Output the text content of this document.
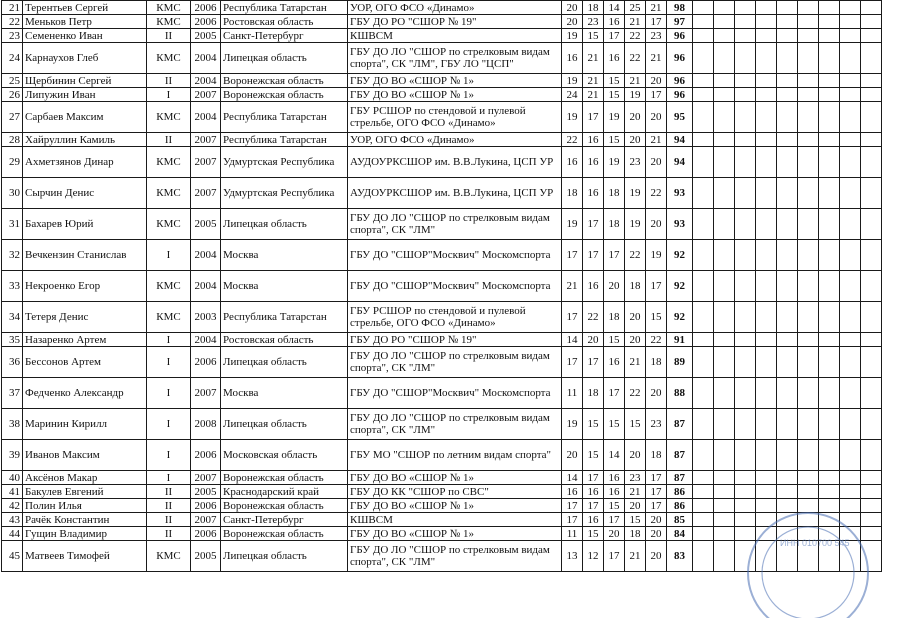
21	Терентьев Сергей	КМС	2006	Республика Татарстан	УОР, ОГО ФСО «Динамо»	20	18	14	25	21	98									
22	Меньков Петр	КМС	2006	Ростовская область	ГБУ ДО РО "СШОР № 19"	20	23	16	21	17	97									
23	Семененко Иван	II	2005	Санкт-Петербург	КШВСМ	19	15	17	22	23	96									
24	Карнаухов Глеб	КМС	2004	Липецкая область	ГБУ ДО ЛО "СШОР по стрелковым видам спорта", СК "ЛМ", ГБУ ЛО "ЦСП"	16	21	16	22	21	96									
25	Щербинин Сергей	II	2004	Воронежская область	ГБУ ДО ВО «СШОР № 1»	19	21	15	21	20	96									
26	Липужин Иван	I	2007	Воронежская область	ГБУ ДО ВО «СШОР № 1»	24	21	15	19	17	96									
27	Сарбаев Максим	КМС	2004	Республика Татарстан	ГБУ РСШОР по стендовой и пулевой стрельбе, ОГО ФСО «Динамо»	19	17	19	20	20	95									
28	Хайруллин Камиль	II	2007	Республика Татарстан	УОР, ОГО ФСО «Динамо»	22	16	15	20	21	94									
29	Ахметзянов Динар	КМС	2007	Удмуртская Республика	АУДОУРКСШОР им. В.В.Лукина, ЦСП УР	16	16	19	23	20	94									
30	Сырчин Денис	КМС	2007	Удмуртская Республика	АУДОУРКСШОР им. В.В.Лукина, ЦСП УР	18	16	18	19	22	93									
31	Бахарев Юрий	КМС	2005	Липецкая область	ГБУ ДО ЛО "СШОР по стрелковым видам спорта", СК "ЛМ"	19	17	18	19	20	93									
32	Вечкензин Станислав	I	2004	Москва	ГБУ ДО "СШОР"Москвич" Москомспорта	17	17	17	22	19	92									
33	Некроенко Егор	КМС	2004	Москва	ГБУ ДО "СШОР"Москвич" Москомспорта	21	16	20	18	17	92									
34	Тетеря Денис	КМС	2003	Республика Татарстан	ГБУ РСШОР по стендовой и пулевой стрельбе, ОГО ФСО «Динамо»	17	22	18	20	15	92									
35	Назаренко Артем	I	2004	Ростовская область	ГБУ ДО РО "СШОР № 19"	14	20	15	20	22	91									
36	Бессонов Артем	I	2006	Липецкая область	ГБУ ДО ЛО "СШОР по стрелковым видам спорта", СК "ЛМ"	17	17	16	21	18	89									
37	Федченко Александр	I	2007	Москва	ГБУ ДО "СШОР"Москвич" Москомспорта	11	18	17	22	20	88									
38	Маринин Кирилл	I	2008	Липецкая область	ГБУ ДО ЛО "СШОР по стрелковым видам спорта", СК "ЛМ"	19	15	15	15	23	87									
39	Иванов Максим	I	2006	Московская область	ГБУ МО "СШОР по летним видам спорта"	20	15	14	20	18	87									
40	Аксёнов Макар	I	2007	Воронежская область	ГБУ ДО ВО «СШОР № 1»	14	17	16	23	17	87									
41	Бакулев Евгений	II	2005	Краснодарский край	ГБУ ДО КК "СШОР по СВС"	16	16	16	21	17	86									
42	Полин Илья	II	2006	Воронежская область	ГБУ ДО ВО «СШОР № 1»	17	17	15	20	17	86									
43	Рачёк Константин	II	2007	Санкт-Петербург	КШВСМ	17	16	17	15	20	85									
44	Гущин Владимир	II	2006	Воронежская область	ГБУ ДО ВО «СШОР № 1»	11	15	20	18	20	84									
45	Матвеев Тимофей	КМС	2005	Липецкая область	ГБУ ДО ЛО "СШОР по стрелковым видам спорта", СК "ЛМ"	13	12	17	21	20	83									
ИНН 010700 545
